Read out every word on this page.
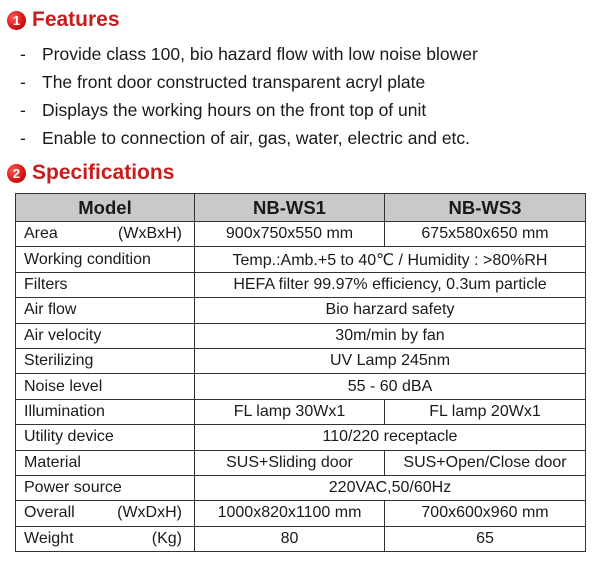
1 Features
- Provide class 100, bio hazard flow with low noise blower
- The front door constructed transparent acryl plate
- Displays the working hours on the front top of unit
- Enable to connection of air, gas, water, electric and etc.
2 Specifications
Model	NB-WS1	NB-WS3

Area (WxBxH)	900x750x550 mm	675x580x650 mm
Working condition	Temp.:Amb.+5 to 40℃ / Humidity : >80%RH	
Filters	HEFA filter 99.97% efficiency, 0.3um particle	
Air flow	Bio harzard safety	
Air velocity	30m/min by fan	
Sterilizing	UV Lamp 245nm	
Noise level	55 - 60 dBA	
Illumination	FL lamp 30Wx1	FL lamp 20Wx1
Utility device	110/220 receptacle	
Material	SUS+Sliding door	SUS+Open/Close door
Power source	220VAC,50/60Hz	

Overall (WxDxH)	1000x820x1100 mm	700x600x960 mm

Weight (Kg)	80	65
